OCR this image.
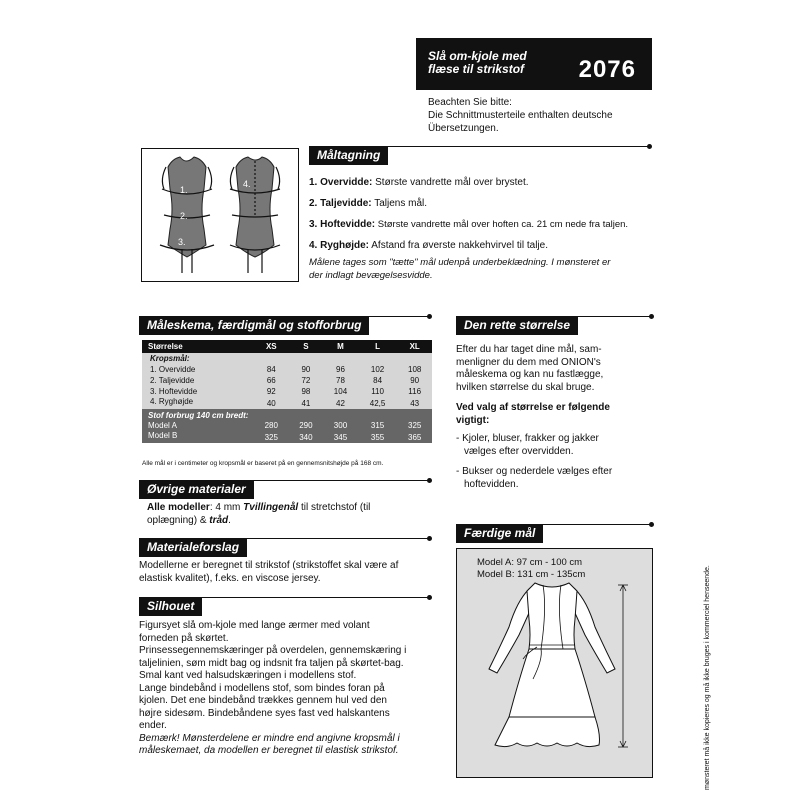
Slå om-kjole med
flæse til strikstof 2076
Beachten Sie bitte:
Die Schnittmusterteile enthalten deutsche
Übersetzungen.
1.
2.
3.
4.
Måltagning
1. Overvidde: Største vandrette mål over brystet.
2. Taljevidde: Taljens mål.
3. Hoftevidde: Største vandrette mål over hoften ca. 21 cm nede fra taljen.
4. Ryghøjde: Afstand fra øverste nakkehvirvel til talje.
Målene tages som "tætte" mål udenpå underbeklædning. I mønsteret er
der indlagt bevægelsesvidde.
Måleskema, færdigmål og stofforbrug
Størrelse	XS	S	M	L	XL
Kropsmål:					
1. Overvidde	84	90	96	102	108
2. Taljevidde	66	72	78	84	90
3. Hoftevidde	92	98	104	110	116
4. Ryghøjde	40	41	42	42,5	43
Stof forbrug 140 cm bredt:					
Model A	280	290	300	315	325
Model B	325	340	345	355	365
Alle mål er i centimeter og kropsmål er baseret på en gennemsnitshøjde på 168 cm.
Øvrige materialer
Alle modeller: 4 mm Tvillingenål til stretchstof (til
oplægning) & tråd.
Materialeforslag
Modellerne er beregnet til strikstof (strikstoffet skal være af
elastisk kvalitet), f.eks. en viscose jersey.
Silhouet
Figursyet slå om-kjole med lange ærmer med volant
forneden på skørtet.
Prinsessegennemskæringer på overdelen, gennemskæring i
taljelinien, søm midt bag og indsnit fra taljen på skørtet-bag.
Smal kant ved halsudskæringen i modellens stof.
Lange bindebånd i modellens stof, som bindes foran på
kjolen. Det ene bindebånd trækkes gennem hul ved den
højre sidesøm. Bindebåndene syes fast ved halskantens
ender.
Bemærk! Mønsterdelene er mindre end angivne kropsmål i
måleskemaet, da modellen er beregnet til elastisk strikstof.
Den rette størrelse
Efter du har taget dine mål, sam-
menligner du dem med ONION's
måleskema og kan nu fastlægge,
hvilken størrelse du skal bruge.
Ved valg af størrelse er følgende
vigtigt:
- Kjoler, bluser, frakker og jakker
vælges efter overvidden.
- Bukser og nederdele vælges efter
hoftevidden.
Færdige mål
Model A: 97 cm - 100 cm
Model B: 131 cm - 135cm	mønsteret må ikke kopieres og må ikke bruges i kommerciel henseende.
